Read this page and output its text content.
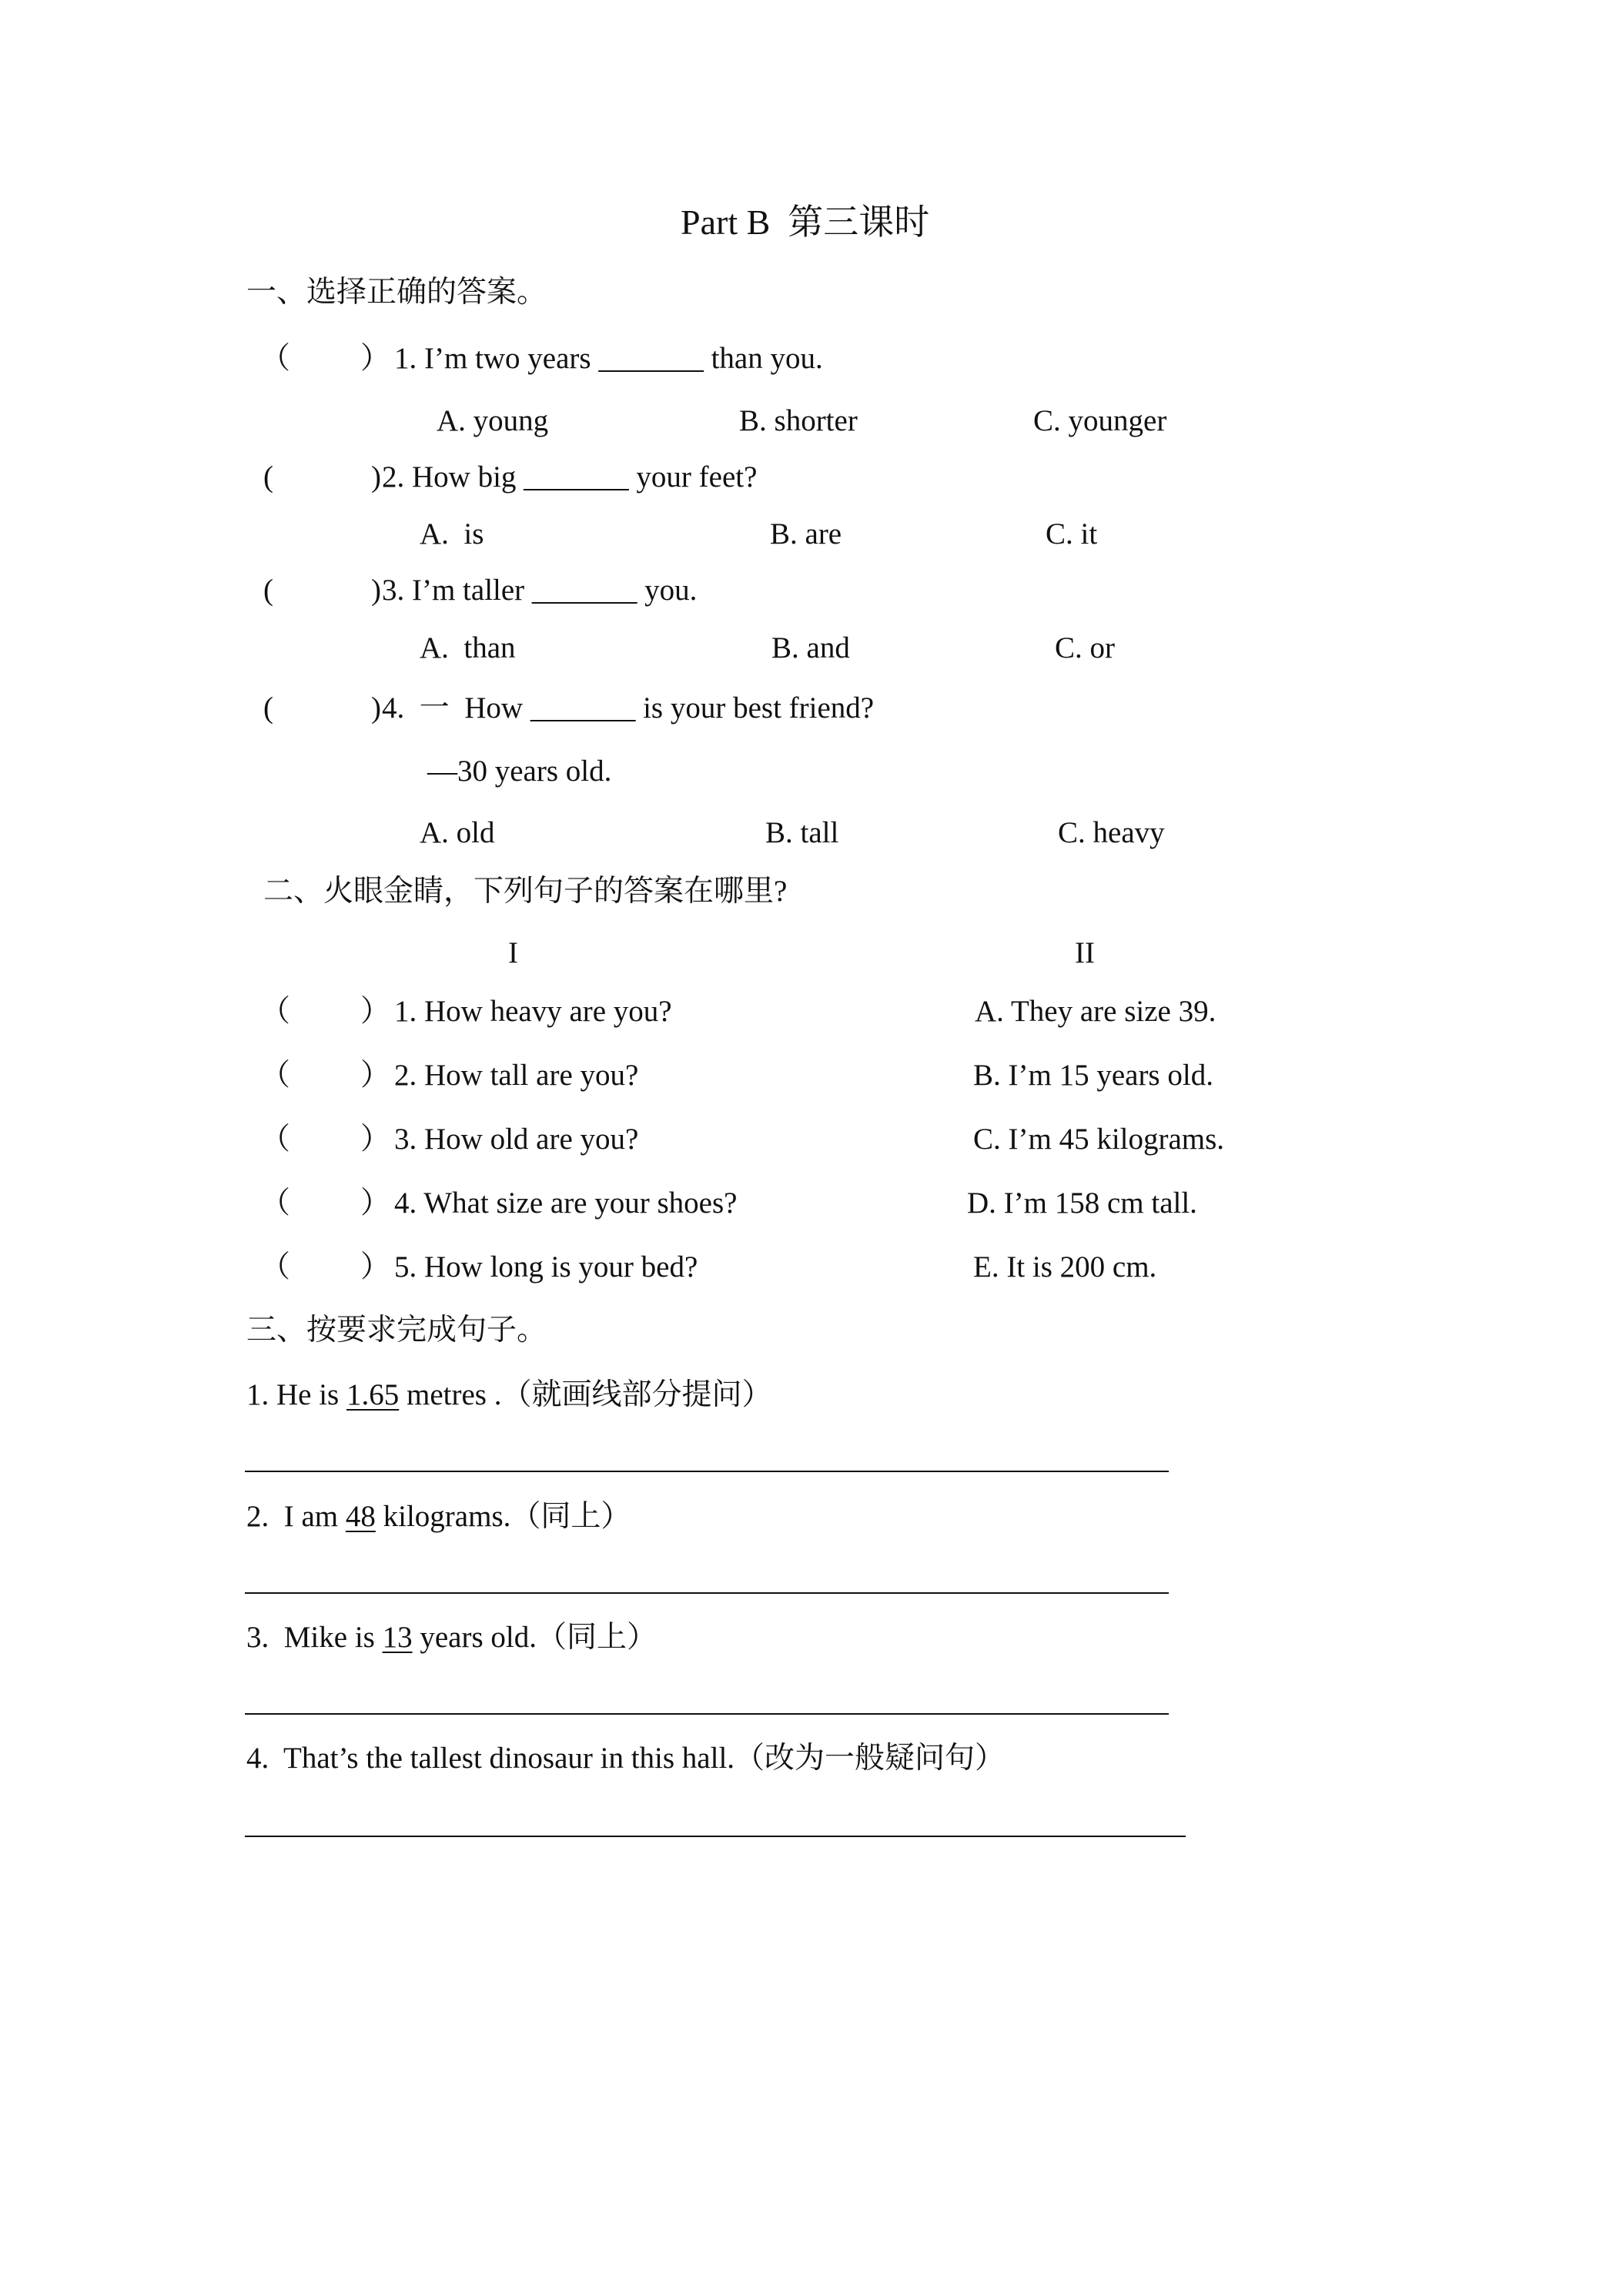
Part B  第三课时
一、选择正确的答案。
（ ） 1. I’m two years _______ than you.
A. young	B. shorter	C. younger
(	) 2. How big _______ your feet?
A.  is	B. are	C. it
(	) 3. I’m taller _______ you.
A.  than	B. and	C. or
(	) 4.  一  How _______ is your best friend?
—30 years old.
A. old	B. tall	C. heavy
二、火眼金睛，下列句子的答案在哪里?
I	II
（ ） 1. How heavy are you?	A. They are size 39.
（ ） 2. How tall are you?	B. I’m 15 years old.
（ ） 3. How old are you?	C. I’m 45 kilograms.
（ ） 4. What size are your shoes?	D. I’m 158 cm tall.
（ ） 5. How long is your bed?	E. It is 200 cm.
三、按要求完成句子。
1. He is 1.65 metres .（就画线部分提问）
2.  I am 48 kilograms.（同上）
3.  Mike is 13 years old.（同上）
4.  That’s the tallest dinosaur in this hall.（改为一般疑问句）
